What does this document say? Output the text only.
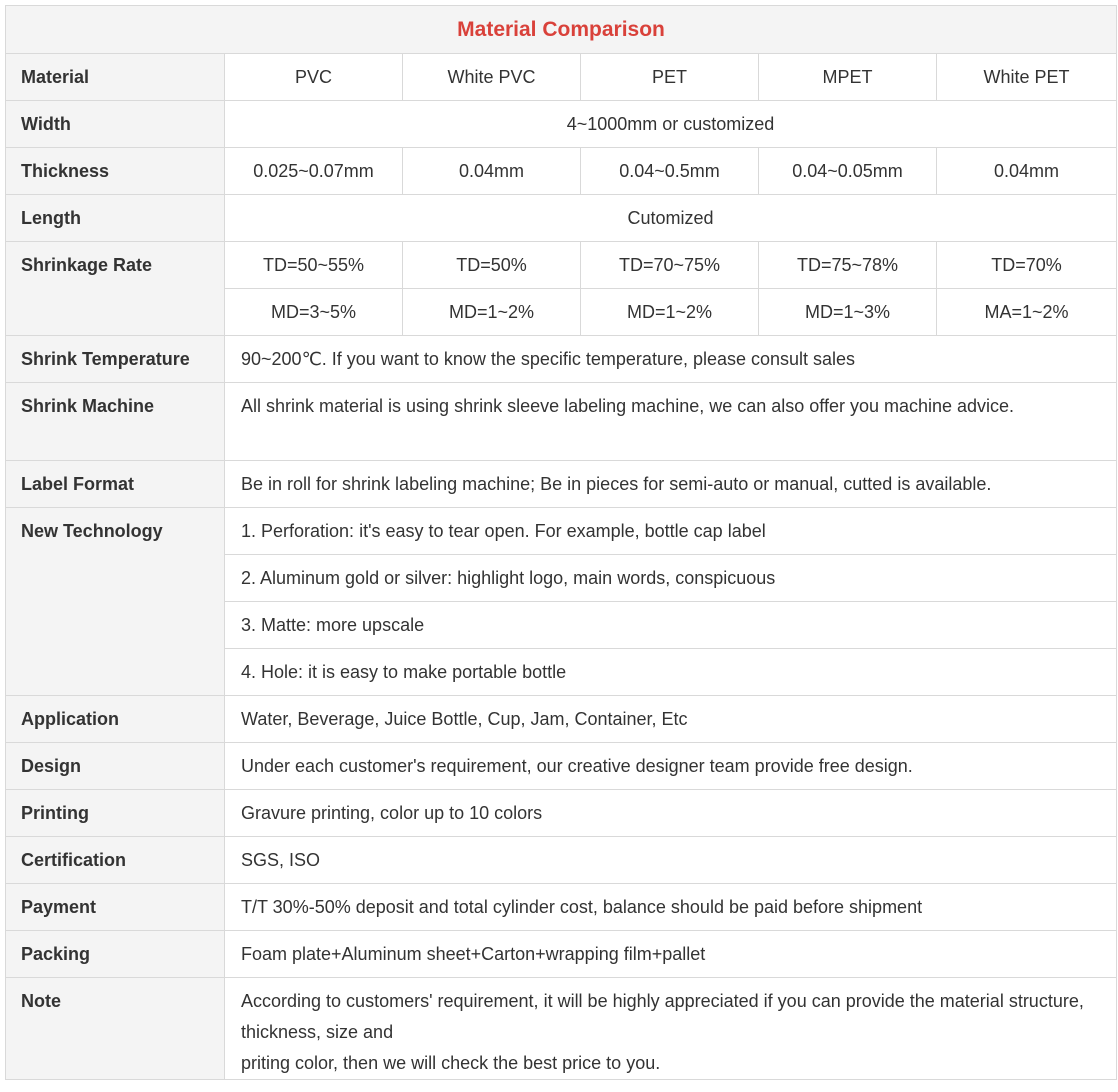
Material Comparison					
Material	PVC	White PVC	PET	MPET	White PET
Width	4~1000mm or customized				
Thickness	0.025~0.07mm	0.04mm	0.04~0.5mm	0.04~0.05mm	0.04mm
Length	Cutomized				
Shrinkage Rate	TD=50~55%	TD=50%	TD=70~75%	TD=75~78%	TD=70%
	MD=3~5%	MD=1~2%	MD=1~2%	MD=1~3%	MA=1~2%
Shrink Temperature	90~200℃. If you want to know the specific temperature, please consult sales				
Shrink Machine	All shrink material is using shrink sleeve labeling machine, we can also offer you machine advice.				
Label Format	Be in roll for shrink labeling machine; Be in pieces for semi-auto or manual, cutted is available.				
New Technology	1. Perforation: it's easy to tear open. For example, bottle cap label				
	2. Aluminum gold or silver: highlight logo, main words, conspicuous				
	3. Matte: more upscale				
	4. Hole: it is easy to make portable bottle				
Application	Water, Beverage, Juice Bottle, Cup, Jam, Container, Etc				
Design	Under each customer's requirement, our creative designer team provide free design.				
Printing	Gravure printing, color up to 10 colors				
Certification	SGS, ISO				
Payment	T/T 30%-50% deposit and total cylinder cost, balance should be paid before shipment				
Packing	Foam plate+Aluminum sheet+Carton+wrapping film+pallet				
Note	According to customers' requirement, it will be highly appreciated if you can provide the material structure, thickness, size and
priting color, then we will check the best price to you.				
